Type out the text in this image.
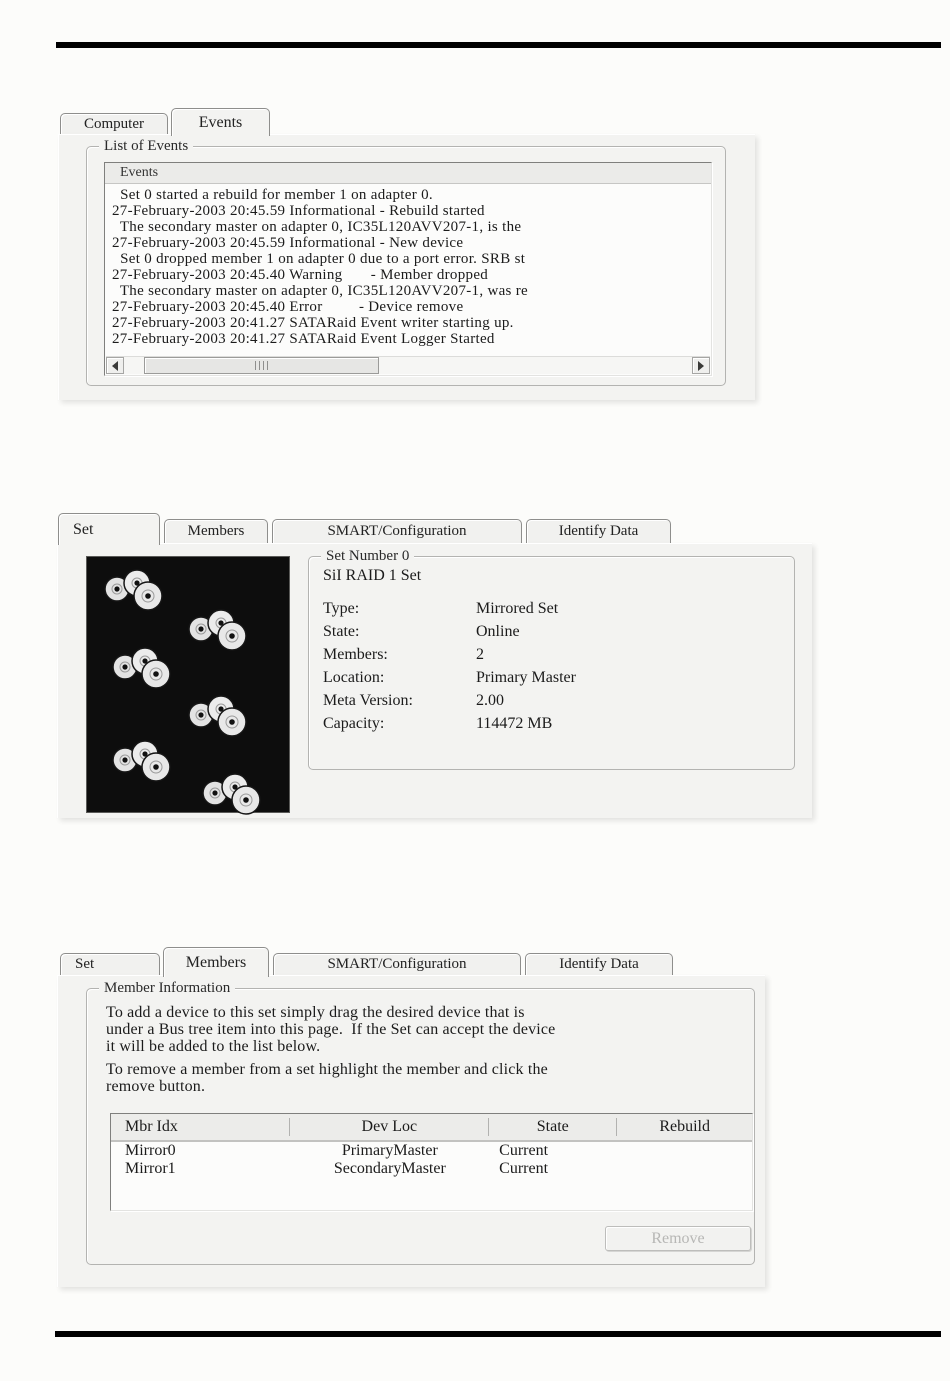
Computer	Events
List of Events
Events
Set 0 started a rebuild for member 1 on adapter 0.
27-February-2003 20:45.59 Informational - Rebuild started
The secondary master on adapter 0, IC35L120AVV207-1, is the
27-February-2003 20:45.59 Informational - New device
Set 0 dropped member 1 on adapter 0 due to a port error. SRB st
27-February-2003 20:45.40 Warning       - Member dropped
The secondary master on adapter 0, IC35L120AVV207-1, was re
27-February-2003 20:45.40 Error         - Device remove
27-February-2003 20:41.27 SATARaid Event writer starting up.
27-February-2003 20:41.27 SATARaid Event Logger Started
Set	Members	SMART/Configuration	Identify Data
Set Number 0
SiI RAID 1 Set
Type:	Mirrored Set
State:	Online
Members:	2
Location:	Primary Master
Meta Version:	2.00
Capacity:	114472 MB
Set	Members	SMART/Configuration	Identify Data
Member Information
To add a device to this set simply drag the desired device that is
under a Bus tree item into this page.  If the Set can accept the device
it will be added to the list below.
To remove a member from a set highlight the member and click the
remove button.
Mbr Idx	Dev Loc	State	Rebuild
Mirror0	PrimaryMaster	Current
Mirror1	SecondaryMaster	Current
Remove
